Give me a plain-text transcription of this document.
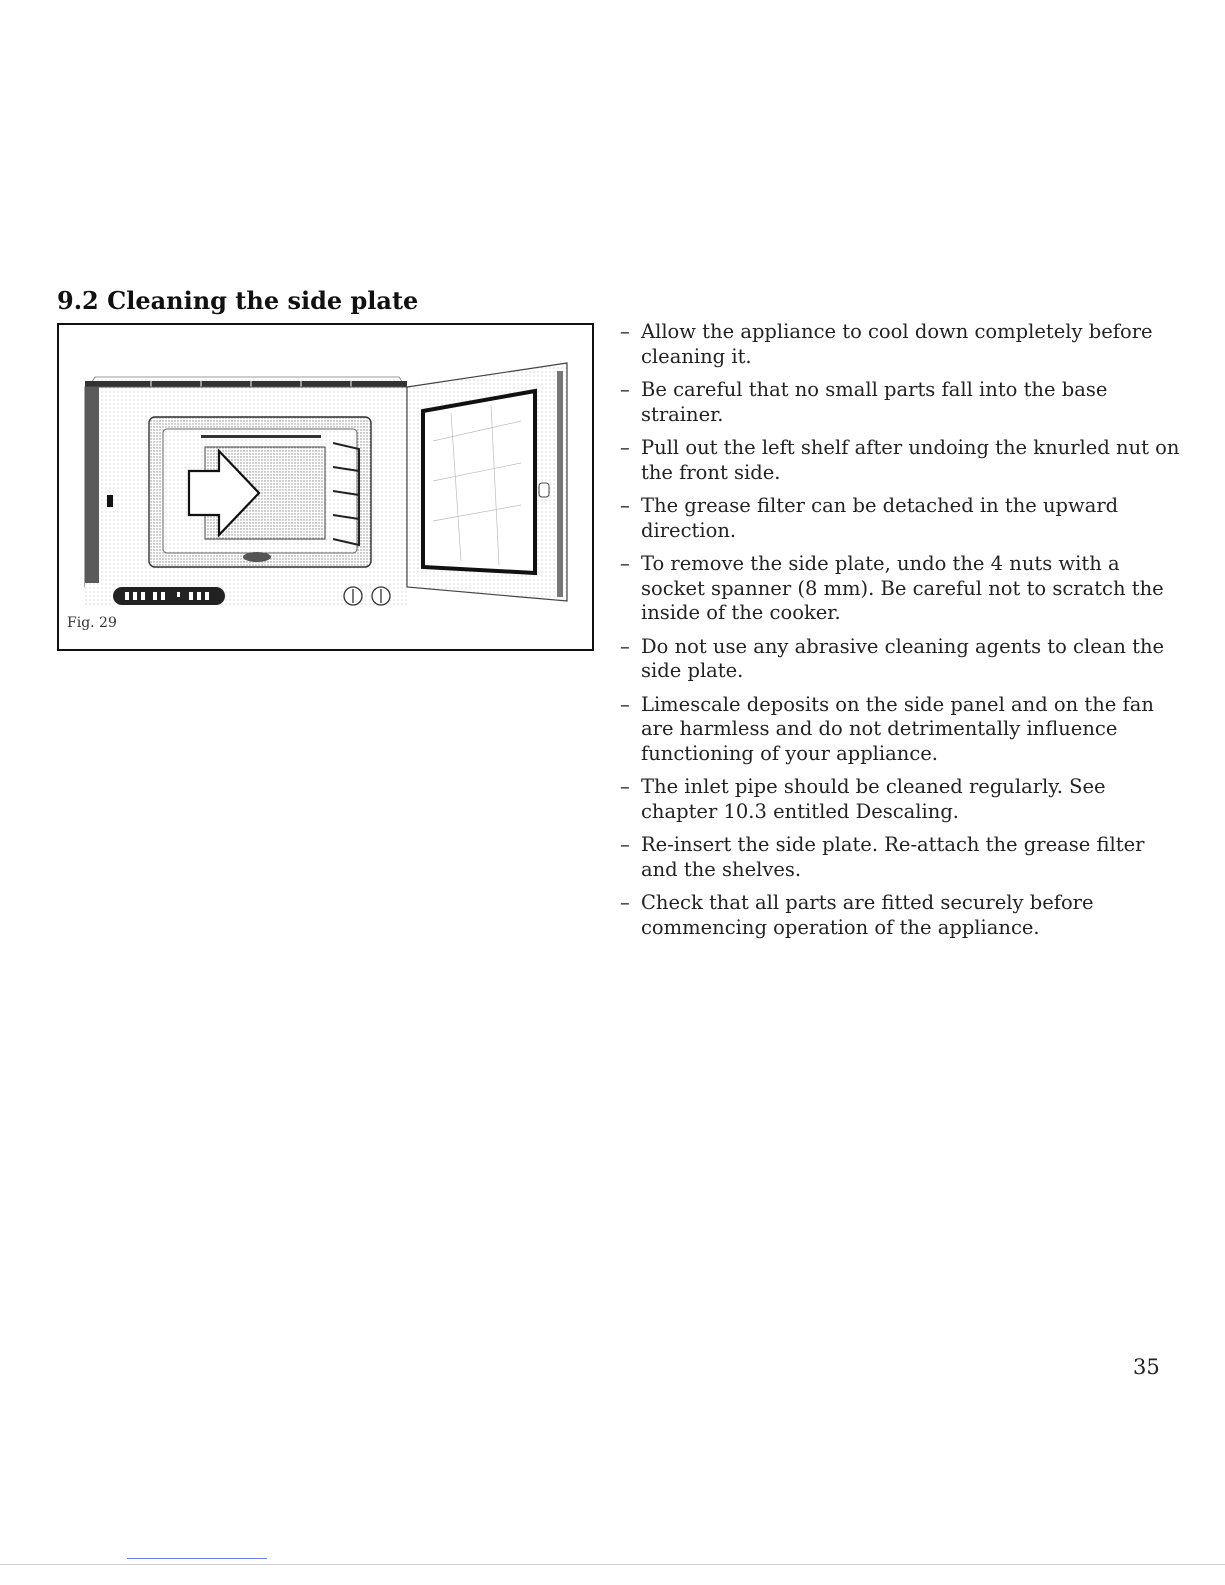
9.2 Cleaning the side plate
Fig. 29
– Allow the appliance to cool down completely before cleaning it.
– Be careful that no small parts fall into the base strainer.
– Pull out the left shelf after undoing the knurled nut on the front side.
– The grease filter can be detached in the upward direction.
– To remove the side plate, undo the 4 nuts with a socket spanner (8 mm). Be careful not to scratch the inside of the cooker.
– Do not use any abrasive cleaning agents to clean the side plate.
– Limescale deposits on the side panel and on the fan are harmless and do not detrimentally influence functioning of your appliance.
– The inlet pipe should be cleaned regularly. See chapter 10.3 entitled Descaling.
– Re-insert the side plate. Re-attach the grease filter and the shelves.
– Check that all parts are fitted securely before commencing operation of the appliance.
35
